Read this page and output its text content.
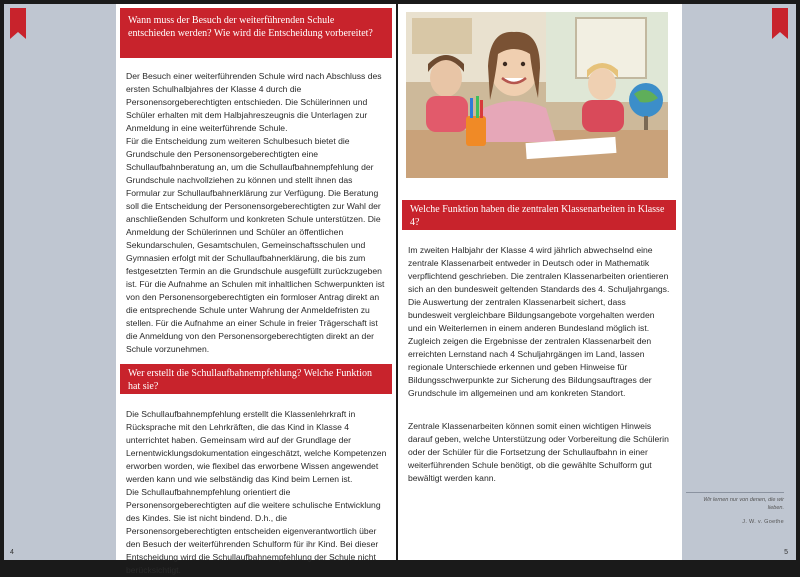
4
Wann muss der Besuch der weiterführenden Schule entschieden werden? Wie wird die Entscheidung vorbereitet?

Der Besuch einer weiterführenden Schule wird nach Abschluss des ersten Schulhalbjahres der Klasse 4 durch die Personensorgeberechtigten entschieden. Die Schülerinnen und Schüler erhalten mit dem Halbjahreszeugnis die Unterlagen zur Anmeldung in eine weiterführende Schule.

Für die Entscheidung zum weiteren Schulbesuch bietet die Grundschule den Personensorgeberechtigten eine Schullaufbahnberatung an, um die Schullaufbahnempfehlung der Grundschule nachvollziehen zu können und stellt ihnen das Formular zur Schullaufbahnerklärung zur Verfügung. Die Beratung soll die Entscheidung der Personensorgeberechtigten zur Wahl der anschließenden Schulform und konkreten Schule unterstützen. Die Anmeldung der Schülerinnen und Schüler an öffentlichen Sekundarschulen, Gesamtschulen, Gemeinschaftsschulen und Gymnasien erfolgt mit der Schullaufbahnerklärung, die bis zum festgesetzten Termin an die Grundschule ausgefüllt zurückzugeben ist. Für die Aufnahme an Schulen mit inhaltlichen Schwerpunkten ist von den Personensorgeberechtigten ein formloser Antrag direkt an die entsprechende Schule unter Wahrung der Anmeldefristen zu stellen. Für die Aufnahme an einer Schule in freier Trägerschaft ist die Anmeldung von den Personensorgeberechtigten direkt an der Schule vorzunehmen.

Wer erstellt die Schullaufbahnempfehlung? Welche Funktion hat sie?

Die Schullaufbahnempfehlung erstellt die Klassenlehrkraft in Rücksprache mit den Lehrkräften, die das Kind in Klasse 4 unterrichtet haben. Gemeinsam wird auf der Grundlage der Lernentwicklungsdokumentation eingeschätzt, welche Kompetenzen erworben worden, wie flexibel das erworbene Wissen angewendet werden kann und wie selbständig das Kind beim Lernen ist.

Die Schullaufbahnempfehlung orientiert die Personensorgeberechtigten auf die weitere schulische Entwicklung des Kindes. Sie ist nicht bindend. D.h., die Personensorgeberechtigten entscheiden eigenverantwortlich über den Besuch der weiterführenden Schulform für ihr Kind. Bei dieser Entscheidung wird die Schullaufbahnempfehlung der Schule nicht berücksichtigt.

5
Welche Funktion haben die zentralen Klassenarbeiten in Klasse 4?

Im zweiten Halbjahr der Klasse 4 wird jährlich abwechselnd eine zentrale Klassenarbeit entweder in Deutsch oder in Mathematik verpflichtend geschrieben. Die zentralen Klassenarbeiten orientieren sich an den bundesweit geltenden Standards des 4. Schuljahrgangs. Die Auswertung der zentralen Klassenarbeit sichert, dass bundesweit vergleichbare Bildungsangebote vorgehalten werden und ein Weiterlernen in einem anderen Bundesland möglich ist. Zugleich zeigen die Ergebnisse der zentralen Klassenarbeit den erreichten Lernstand nach 4 Schuljahrgängen im Land, lassen regionale Unterschiede erkennen und geben Hinweise für Bildungsschwerpunkte zur Sicherung des Bildungsauftrages der Grundschule im allgemeinen und am konkreten Standort.

Zentrale Klassenarbeiten können somit einen wichtigen Hinweis darauf geben, welche Unterstützung oder Vorbereitung die Schülerin oder der Schüler für die Fortsetzung der Schullaufbahn in einer weiterführenden Schule benötigt, ob die gewählte Schulform gut bewältigt werden kann.

Wir lernen nur von denen, die wir lieben.
J. W. v. Goethe
